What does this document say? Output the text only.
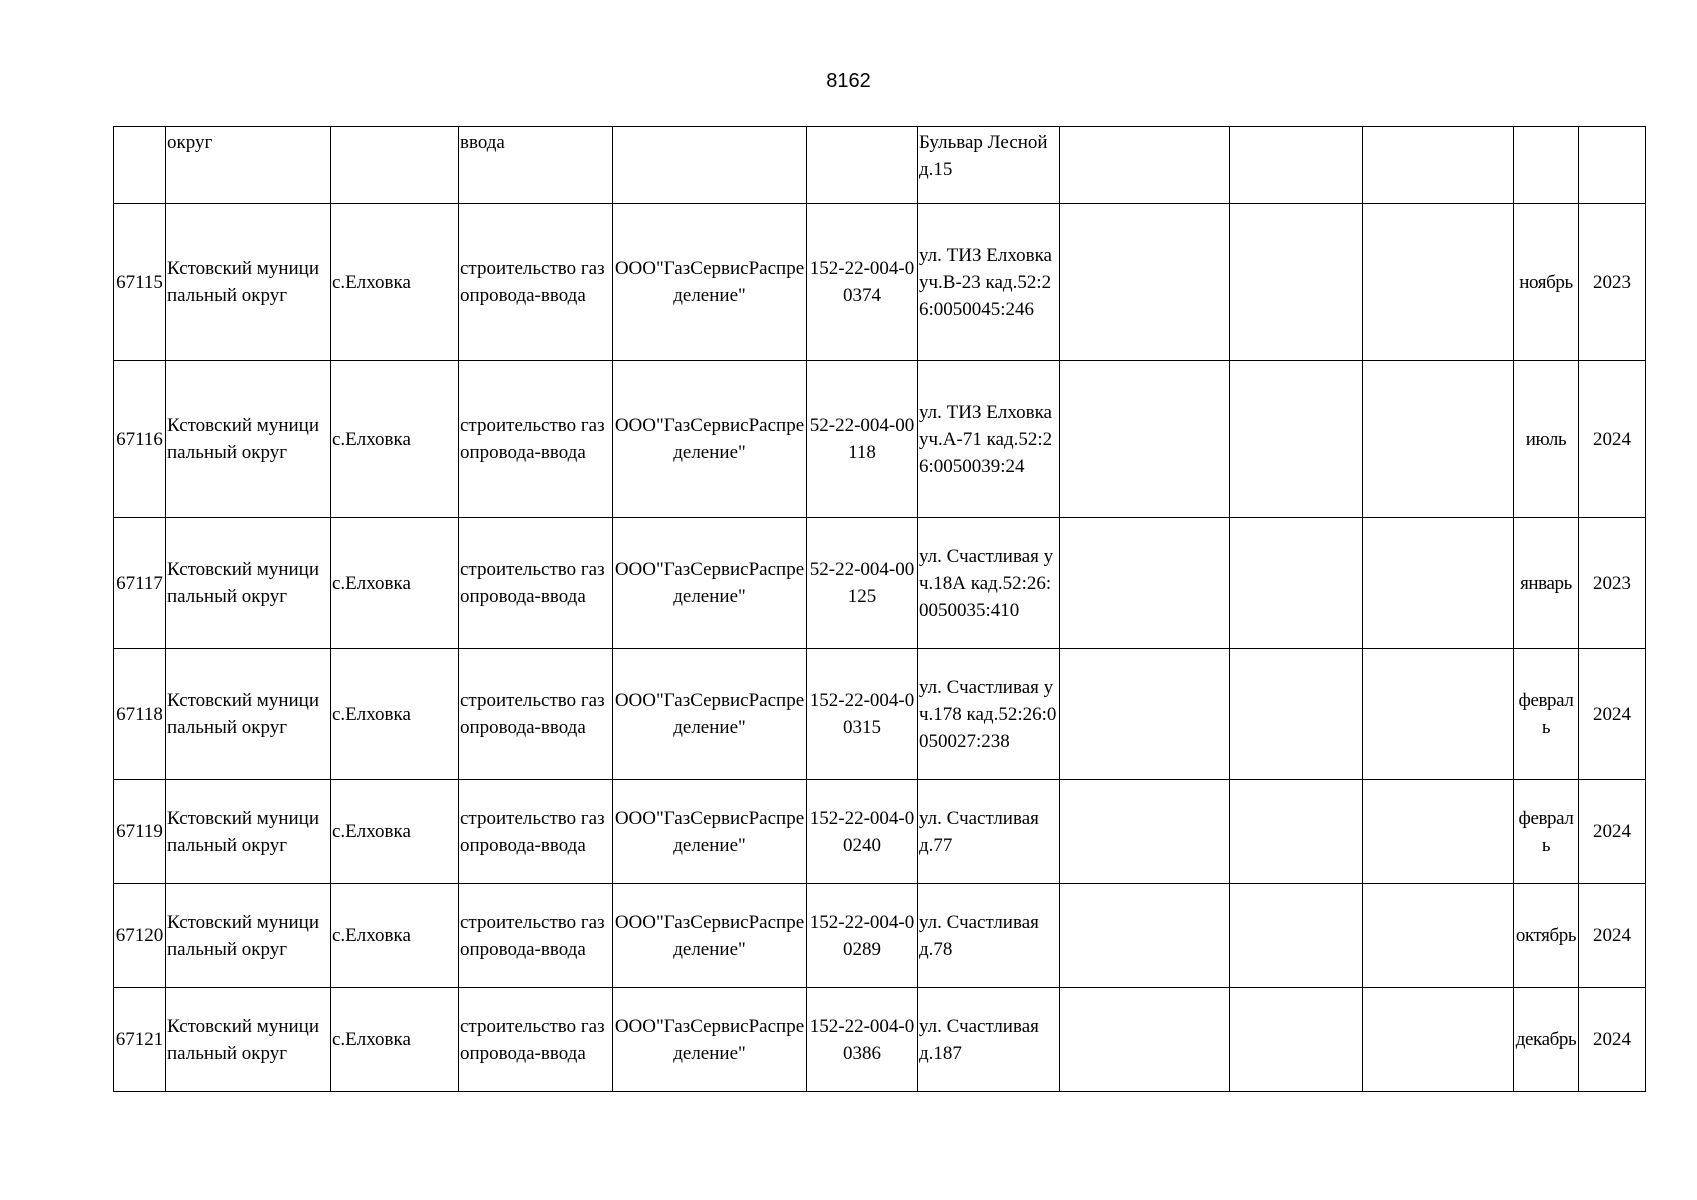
8162
	округ		ввода			Бульвар Лесной д.15					
67115	Кстовский муниципальный округ	с.Елховка	строительство газопровода-ввода	ООО"ГазСервисРаспределение"	152-22-004-00374	ул. ТИЗ Елховка уч.В-23 кад.52:26:0050045:246				ноябрь	2023
67116	Кстовский муниципальный округ	с.Елховка	строительство газопровода-ввода	ООО"ГазСервисРаспределение"	52-22-004-00118	ул. ТИЗ Елховка уч.А-71 кад.52:26:0050039:24				июль	2024
67117	Кстовский муниципальный округ	с.Елховка	строительство газопровода-ввода	ООО"ГазСервисРаспределение"	52-22-004-00125	ул. Счастливая уч.18А кад.52:26:0050035:410				январь	2023
67118	Кстовский муниципальный округ	с.Елховка	строительство газопровода-ввода	ООО"ГазСервисРаспределение"	152-22-004-00315	ул. Счастливая уч.178 кад.52:26:0050027:238				февраль	2024
67119	Кстовский муниципальный округ	с.Елховка	строительство газопровода-ввода	ООО"ГазСервисРаспределение"	152-22-004-00240	ул. Счастливая д.77				февраль	2024
67120	Кстовский муниципальный округ	с.Елховка	строительство газопровода-ввода	ООО"ГазСервисРаспределение"	152-22-004-00289	ул. Счастливая д.78				октябрь	2024
67121	Кстовский муниципальный округ	с.Елховка	строительство газопровода-ввода	ООО"ГазСервисРаспределение"	152-22-004-00386	ул. Счастливая д.187				декабрь	2024
